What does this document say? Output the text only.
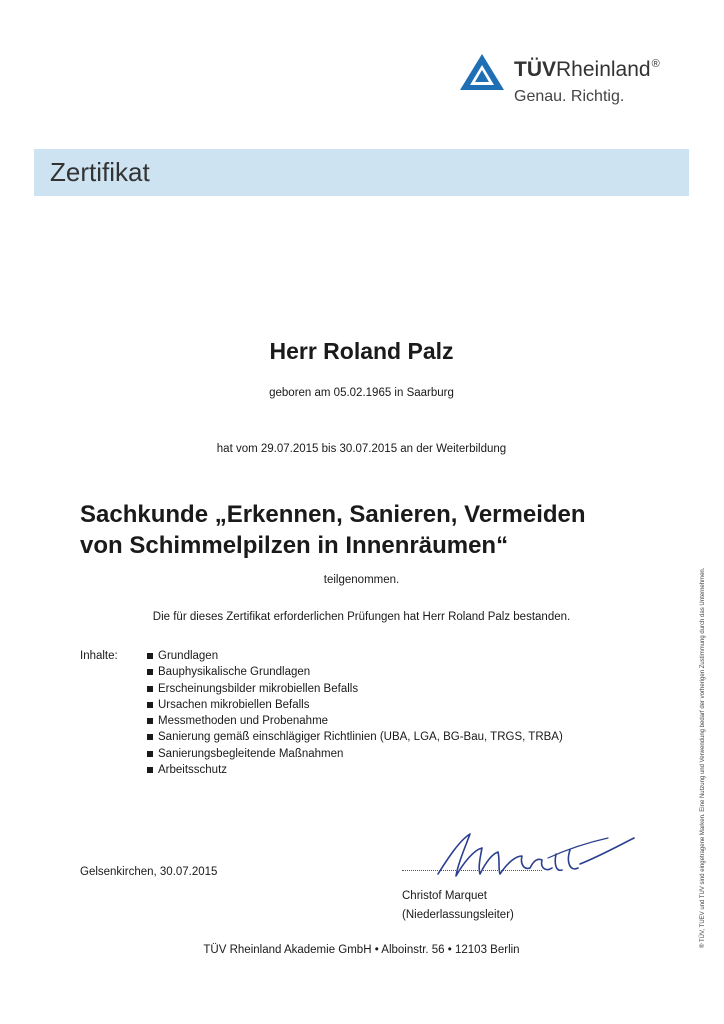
TÜVRheinland®
Genau. Richtig.
Zertifikat
Herr Roland Palz
geboren am 05.02.1965 in Saarburg
hat vom 29.07.2015 bis 30.07.2015 an der Weiterbildung
Sachkunde „Erkennen, Sanieren, Vermeiden
von Schimmelpilzen in Innenräumen“
teilgenommen.
Die für dieses Zertifikat erforderlichen Prüfungen hat Herr Roland Palz bestanden.
Inhalte:	Grundlagen
Bauphysikalische Grundlagen
Erscheinungsbilder mikrobiellen Befalls
Ursachen mikrobiellen Befalls
Messmethoden und Probenahme
Sanierung gemäß einschlägiger Richtlinien (UBA, LGA, BG-Bau, TRGS, TRBA)
Sanierungsbegleitende Maßnahmen
Arbeitsschutz
Gelsenkirchen, 30.07.2015
Christof Marquet
(Niederlassungsleiter)
TÜV Rheinland Akademie GmbH • Alboinstr. 56 • 12103 Berlin
® TÜV, TUEV und TUV sind eingetragene Marken. Eine Nutzung und Verwendung bedarf der vorherigen Zustimmung durch das Unternehmen.
